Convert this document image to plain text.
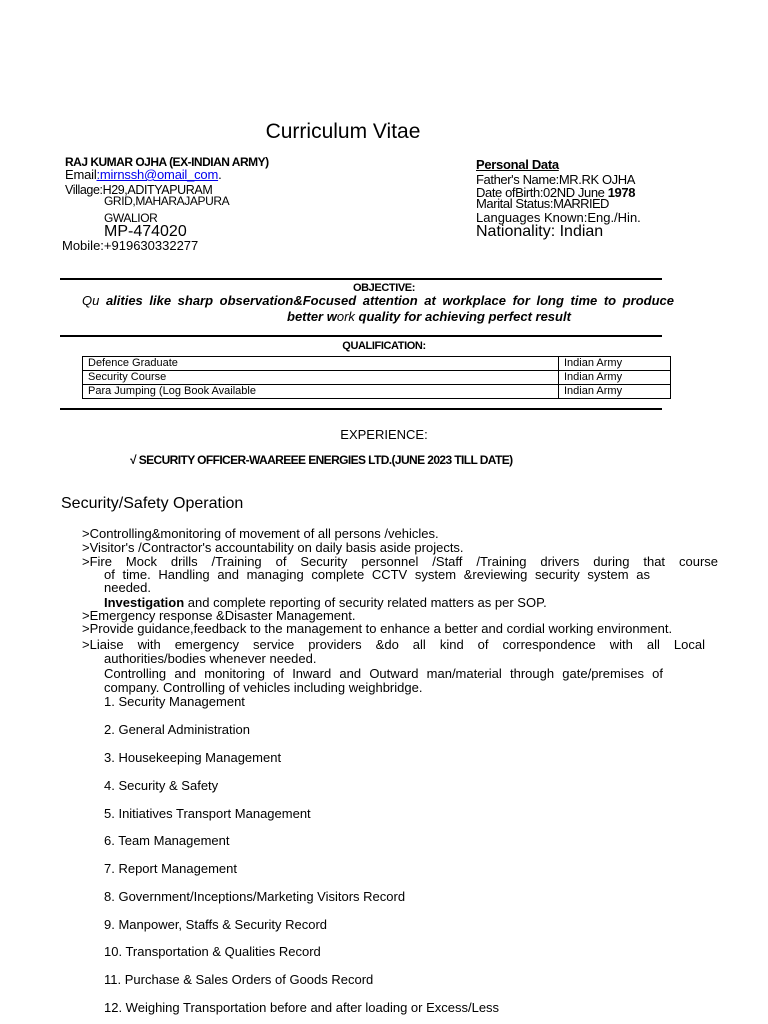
Curriculum Vitae
RAJ KUMAR OJHA (EX-INDIAN ARMY)
Email:mirnssh@omail_com.
Village:H29,ADITYAPURAM
GRID,MAHARAJAPURA
GWALIOR
MP-474020
Mobile:+919630332277
Personal Data
Father's Name:MR.RK OJHA
Date ofBirth:02ND June 1978
Marital Status:MARRIED
Languages Known:Eng./Hin.
Nationality: Indian
OBJECTIVE:
Qu alities like sharp observation&Focused attention at workplace for long time to produce
better work quality for achieving perfect result
QUALIFICATION:
Defence Graduate	Indian Army
Security Course	Indian Army
Para Jumping (Log Book Available	Indian Army
EXPERIENCE:
√ SECURITY OFFICER-WAAREEE ENERGIES LTD.(JUNE 2023 TILL DATE)
Security/Safety Operation
>Controlling&monitoring of movement of all persons /vehicles.
>Visitor's /Contractor's accountability on daily basis aside projects.
>Fire Mock drills /Training of Security personnel /Staff /Training drivers during that course
of time. Handling and managing complete CCTV system &reviewing security system as
needed.
Investigation and complete reporting of security related matters as per SOP.
>Emergency response &Disaster Management.
>Provide guidance,feedback to the management to enhance a better and cordial working environment.
>Liaise with emergency service providers &do all kind of correspondence with all Local
authorities/bodies whenever needed.
Controlling and monitoring of Inward and Outward man/material through gate/premises of
company. Controlling of vehicles including weighbridge.
1. Security Management
2. General Administration
3. Housekeeping Management
4. Security & Safety
5. Initiatives Transport Management
6. Team Management
7. Report Management
8. Government/Inceptions/Marketing Visitors Record
9. Manpower, Staffs & Security Record
10. Transportation & Qualities Record
11. Purchase & Sales Orders of Goods Record
12. Weighing Transportation before and after loading or Excess/Less
